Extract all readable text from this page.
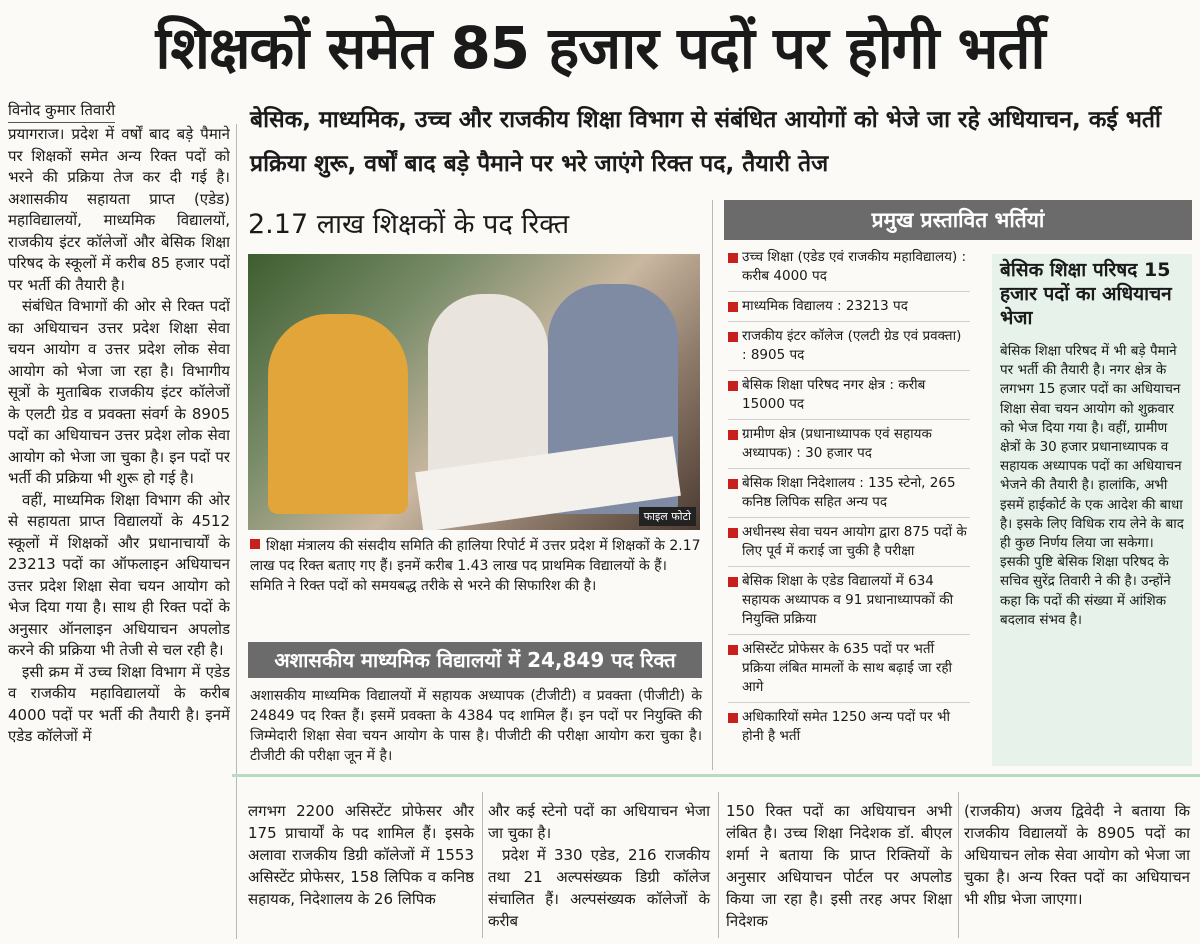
शिक्षकों समेत 85 हजार पदों पर होगी भर्ती
विनोद कुमार तिवारी	बेसिक, माध्यमिक, उच्च और राजकीय शिक्षा विभाग से संबंधित आयोगों को भेजे जा रहे अधियाचन, कई भर्ती प्रक्रिया शुरू, वर्षों बाद बड़े पैमाने पर भरे जाएंगे रिक्त पद, तैयारी तेज

प्रयागराज। प्रदेश में वर्षों बाद बड़े पैमाने पर शिक्षकों समेत अन्य रिक्त पदों को भरने की प्रक्रिया तेज कर दी गई है। अशासकीय सहायता प्राप्त (एडेड) महाविद्यालयों, माध्यमिक विद्यालयों, राजकीय इंटर कॉलेजों और बेसिक शिक्षा परिषद के स्कूलों में करीब 85 हजार पदों पर भर्ती की तैयारी है।

संबंधित विभागों की ओर से रिक्त पदों का अधियाचन उत्तर प्रदेश शिक्षा सेवा चयन आयोग व उत्तर प्रदेश लोक सेवा आयोग को भेजा जा रहा है। विभागीय सूत्रों के मुताबिक राजकीय इंटर कॉलेजों के एलटी ग्रेड व प्रवक्ता संवर्ग के 8905 पदों का अधियाचन उत्तर प्रदेश लोक सेवा आयोग को भेजा जा चुका है। इन पदों पर भर्ती की प्रक्रिया भी शुरू हो गई है।

वहीं, माध्यमिक शिक्षा विभाग की ओर से सहायता प्राप्त विद्यालयों के 4512 स्कूलों में शिक्षकों और प्रधानाचार्यों के 23213 पदों का ऑफलाइन अधियाचन उत्तर प्रदेश शिक्षा सेवा चयन आयोग को भेज दिया गया है। साथ ही रिक्त पदों के अनुसार ऑनलाइन अधियाचन अपलोड करने की प्रक्रिया भी तेजी से चल रही है।

इसी क्रम में उच्च शिक्षा विभाग में एडेड व राजकीय महाविद्यालयों के करीब 4000 पदों पर भर्ती की तैयारी है। इनमें एडेड कॉलेजों में

2.17 लाख शिक्षकों के पद रिक्त
फाइल फोटो
शिक्षा मंत्रालय की संसदीय समिति की हालिया रिपोर्ट में उत्तर प्रदेश में शिक्षकों के 2.17 लाख पद रिक्त बताए गए हैं। इनमें करीब 1.43 लाख पद प्राथमिक विद्यालयों के हैं। समिति ने रिक्त पदों को समयबद्ध तरीके से भरने की सिफारिश की है।
अशासकीय माध्यमिक विद्यालयों में 24,849 पद रिक्त
अशासकीय माध्यमिक विद्यालयों में सहायक अध्यापक (टीजीटी) व प्रवक्ता (पीजीटी) के 24849 पद रिक्त हैं। इसमें प्रवक्ता के 4384 पद शामिल हैं। इन पदों पर नियुक्ति की जिम्मेदारी शिक्षा सेवा चयन आयोग के पास है। पीजीटी की परीक्षा आयोग करा चुका है। टीजीटी की परीक्षा जून में है।
प्रमुख प्रस्तावित भर्तियां
उच्च शिक्षा (एडेड एवं राजकीय महाविद्यालय) : करीब 4000 पद
माध्यमिक विद्यालय : 23213 पद
राजकीय इंटर कॉलेज (एलटी ग्रेड एवं प्रवक्ता) : 8905 पद
बेसिक शिक्षा परिषद नगर क्षेत्र : करीब 15000 पद
ग्रामीण क्षेत्र (प्रधानाध्यापक एवं सहायक अध्यापक) : 30 हजार पद
बेसिक शिक्षा निदेशालय : 135 स्टेनो, 265 कनिष्ठ लिपिक सहित अन्य पद
अधीनस्थ सेवा चयन आयोग द्वारा 875 पदों के लिए पूर्व में कराई जा चुकी है परीक्षा
बेसिक शिक्षा के एडेड विद्यालयों में 634 सहायक अध्यापक व 91 प्रधानाध्यापकों की नियुक्ति प्रक्रिया
असिस्टेंट प्रोफेसर के 635 पदों पर भर्ती प्रक्रिया लंबित मामलों के साथ बढ़ाई जा रही आगे
अधिकारियों समेत 1250 अन्य पदों पर भी होनी है भर्ती
बेसिक शिक्षा परिषद 15 हजार पदों का अधियाचन भेजा
बेसिक शिक्षा परिषद में भी बड़े पैमाने पर भर्ती की तैयारी है। नगर क्षेत्र के लगभग 15 हजार पदों का अधियाचन शिक्षा सेवा चयन आयोग को शुक्रवार को भेज दिया गया है। वहीं, ग्रामीण क्षेत्रों के 30 हजार प्रधानाध्यापक व सहायक अध्यापक पदों का अधियाचन भेजने की तैयारी है। हालांकि, अभी इसमें हाईकोर्ट के एक आदेश की बाधा है। इसके लिए विधिक राय लेने के बाद ही कुछ निर्णय लिया जा सकेगा। इसकी पुष्टि बेसिक शिक्षा परिषद के सचिव सुरेंद्र तिवारी ने की है। उन्होंने कहा कि पदों की संख्या में आंशिक बदलाव संभव है।

लगभग 2200 असिस्टेंट प्रोफेसर और 175 प्राचार्यों के पद शामिल हैं। इसके अलावा राजकीय डिग्री कॉलेजों में 1553 असिस्टेंट प्रोफेसर, 158 लिपिक व कनिष्ठ सहायक, निदेशालय के 26 लिपिक

और कई स्टेनो पदों का अधियाचन भेजा जा चुका है।

प्रदेश में 330 एडेड, 216 राजकीय तथा 21 अल्पसंख्यक डिग्री कॉलेज संचालित हैं। अल्पसंख्यक कॉलेजों के करीब

150 रिक्त पदों का अधियाचन अभी लंबित है। उच्च शिक्षा निदेशक डॉ. बीएल शर्मा ने बताया कि प्राप्त रिक्तियों के अनुसार अधियाचन पोर्टल पर अपलोड किया जा रहा है। इसी तरह अपर शिक्षा निदेशक

(राजकीय) अजय द्विवेदी ने बताया कि राजकीय विद्यालयों के 8905 पदों का अधियाचन लोक सेवा आयोग को भेजा जा चुका है। अन्य रिक्त पदों का अधियाचन भी शीघ्र भेजा जाएगा।
